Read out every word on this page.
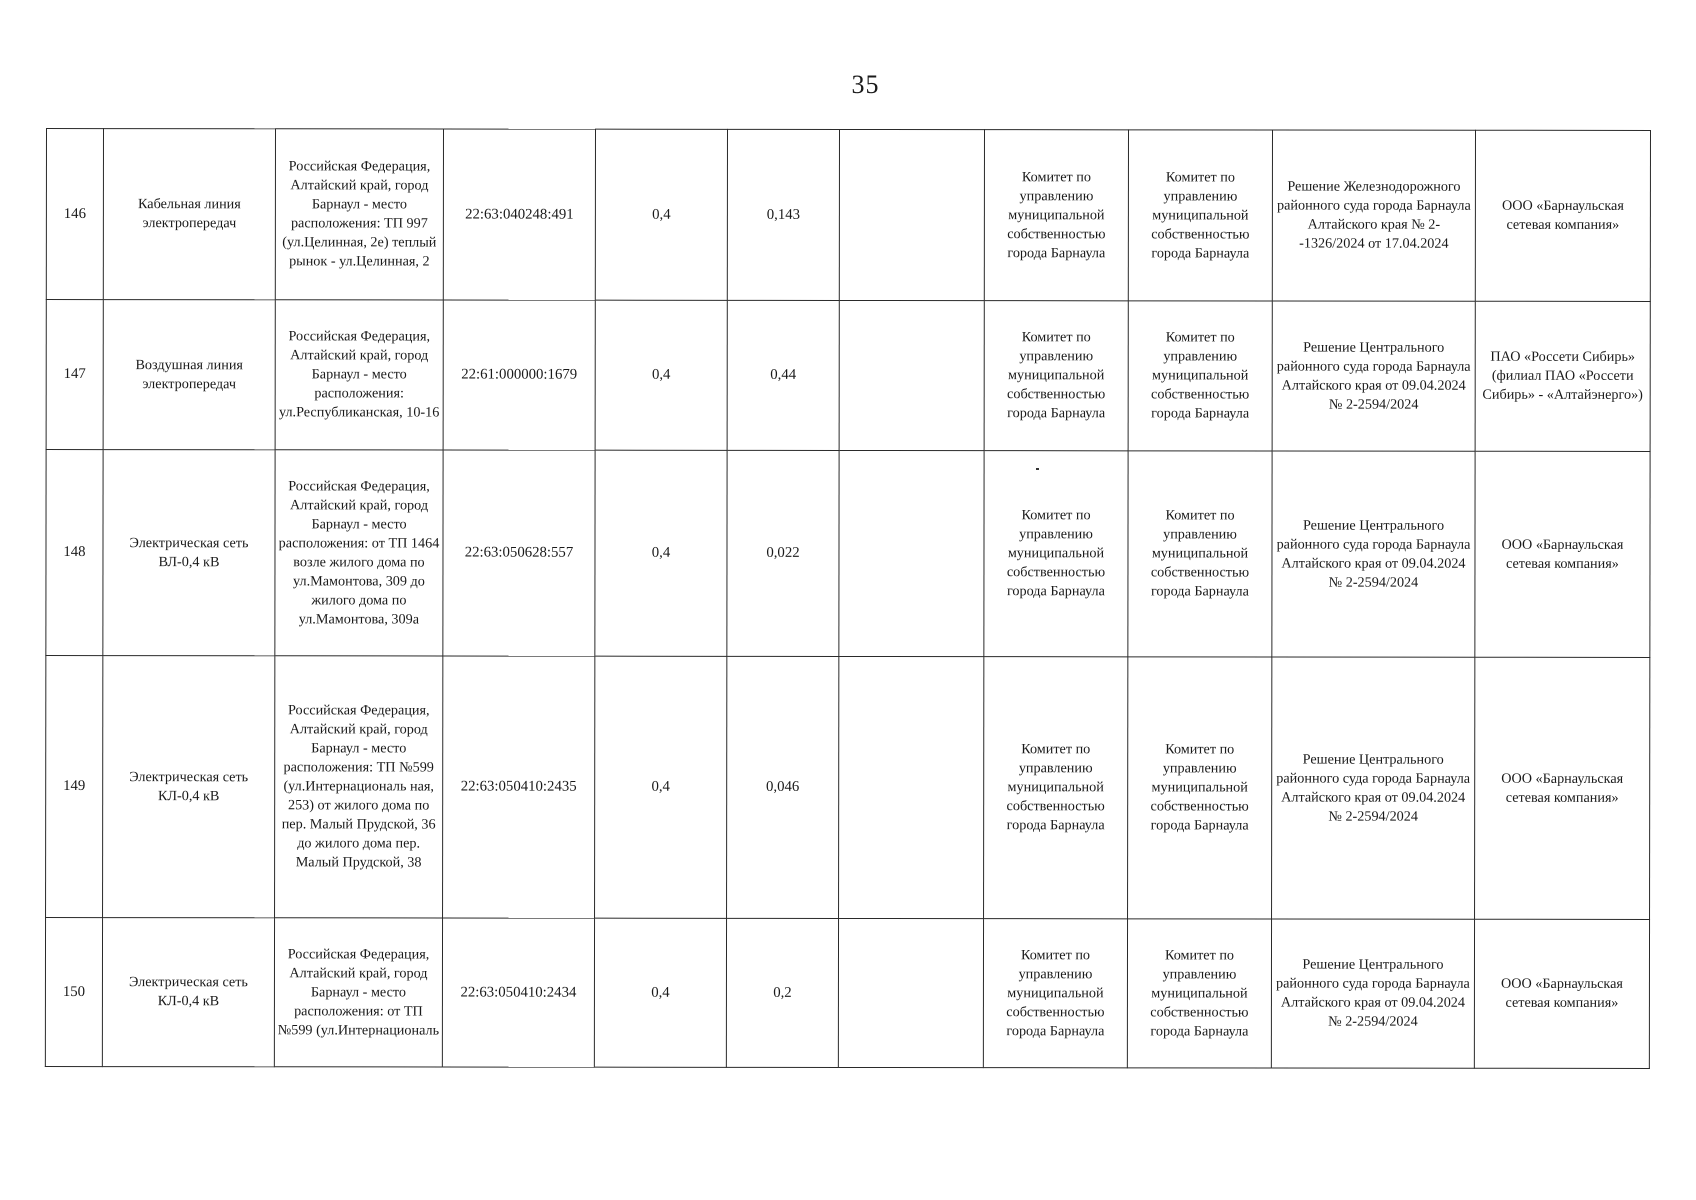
35
146	Кабельная линия электропередач	Российская Федерация, Алтайский край, город Барнаул - место расположения: ТП 997 (ул.Целинная, 2е) теплый рынок - ул.Целинная, 2	22:63:040248:491	0,4	0,143		Комитет по управлению муниципальной собственностью города Барнаула	Комитет по управлению муниципальной собственностью города Барнаула	Решение Железнодорожного районного суда города Барнаула Алтайского края № 2--1326/2024 от 17.04.2024	ООО «Барнаульская сетевая компания»
147	Воздушная линия электропередач	Российская Федерация, Алтайский край, город Барнаул - место расположения: ул.Республиканская, 10-16	22:61:000000:1679	0,4	0,44		Комитет по управлению муниципальной собственностью города Барнаула	Комитет по управлению муниципальной собственностью города Барнаула	Решение Центрального районного суда города Барнаула Алтайского края от 09.04.2024 № 2-2594/2024	ПАО «Россети Сибирь» (филиал ПАО «Россети Сибирь» - «Алтайэнерго»)
148	Электрическая сеть ВЛ-0,4 кВ	Российская Федерация, Алтайский край, город Барнаул - место расположения: от ТП 1464 возле жилого дома по ул.Мамонтова, 309 до жилого дома по ул.Мамонтова, 309а	22:63:050628:557	0,4	0,022		Комитет по управлению муниципальной собственностью города Барнаула	Комитет по управлению муниципальной собственностью города Барнаула	Решение Центрального районного суда города Барнаула Алтайского края от 09.04.2024 № 2-2594/2024	ООО «Барнаульская сетевая компания»
149	Электрическая сеть КЛ-0,4 кВ	Российская Федерация, Алтайский край, город Барнаул - место расположения: ТП №599 (ул.Интернациональ ная, 253) от жилого дома по пер. Малый Прудской, 36 до жилого дома пер. Малый Прудской, 38	22:63:050410:2435	0,4	0,046		Комитет по управлению муниципальной собственностью города Барнаула	Комитет по управлению муниципальной собственностью города Барнаула	Решение Центрального районного суда города Барнаула Алтайского края от 09.04.2024 № 2-2594/2024	ООО «Барнаульская сетевая компания»
150	Электрическая сеть КЛ-0,4 кВ	Российская Федерация, Алтайский край, город Барнаул - место расположения: от ТП №599 (ул.Интернациональ	22:63:050410:2434	0,4	0,2		Комитет по управлению муниципальной собственностью города Барнаула	Комитет по управлению муниципальной собственностью города Барнаула	Решение Центрального районного суда города Барнаула Алтайского края от 09.04.2024 № 2-2594/2024	ООО «Барнаульская сетевая компания»
